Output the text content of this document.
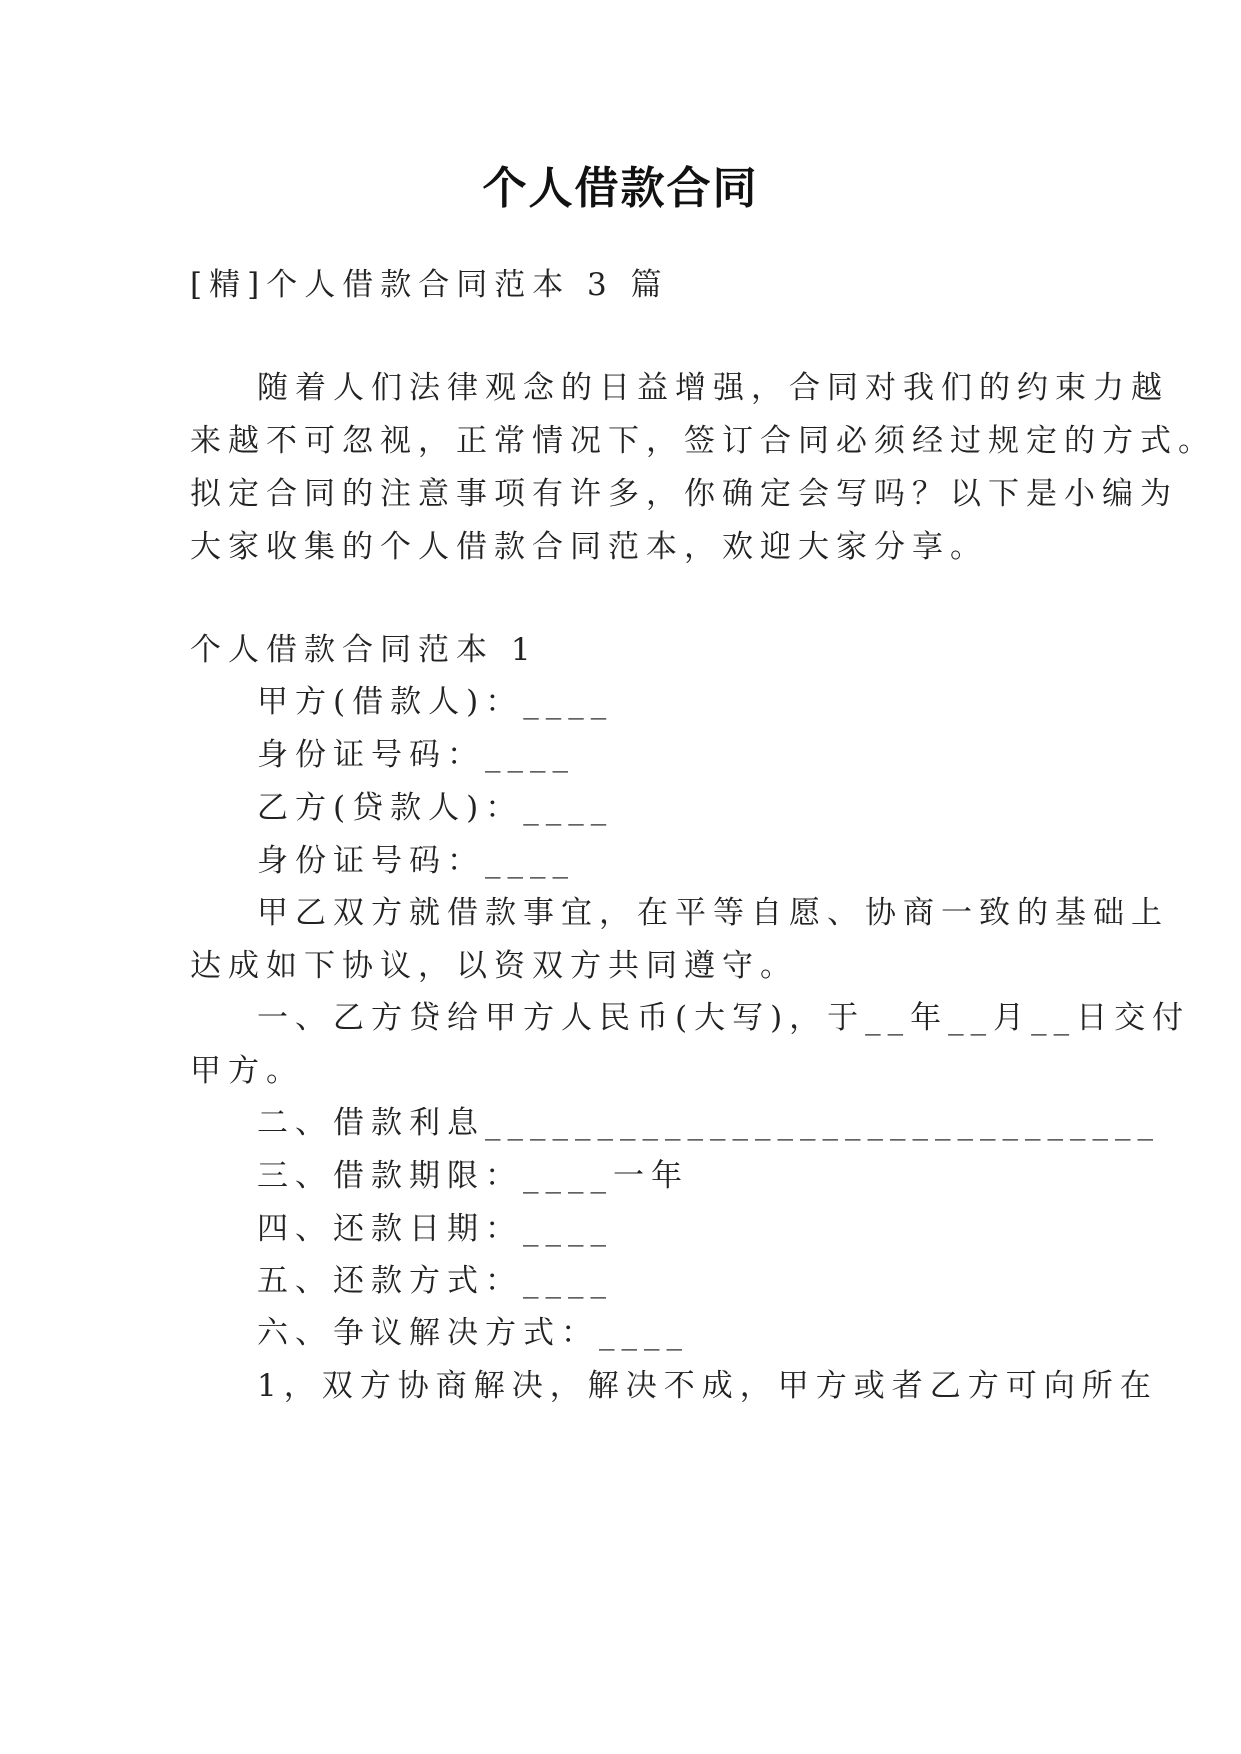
个人借款合同
[精]个人借款合同范本 3 篇
随着人们法律观念的日益增强，合同对我们的约束力越
来越不可忽视，正常情况下，签订合同必须经过规定的方式。
拟定合同的注意事项有许多，你确定会写吗？以下是小编为
大家收集的个人借款合同范本，欢迎大家分享。
个人借款合同范本 1
甲方(借款人)：____
身份证号码：____
乙方(贷款人)：____
身份证号码：____
甲乙双方就借款事宜，在平等自愿、协商一致的基础上
达成如下协议，以资双方共同遵守。
一、乙方贷给甲方人民币(大写)，于__年__月__日交付
甲方。
二、借款利息______________________________
三、借款期限：____一年
四、还款日期：____
五、还款方式：____
六、争议解决方式：____
1，双方协商解决，解决不成，甲方或者乙方可向所在
